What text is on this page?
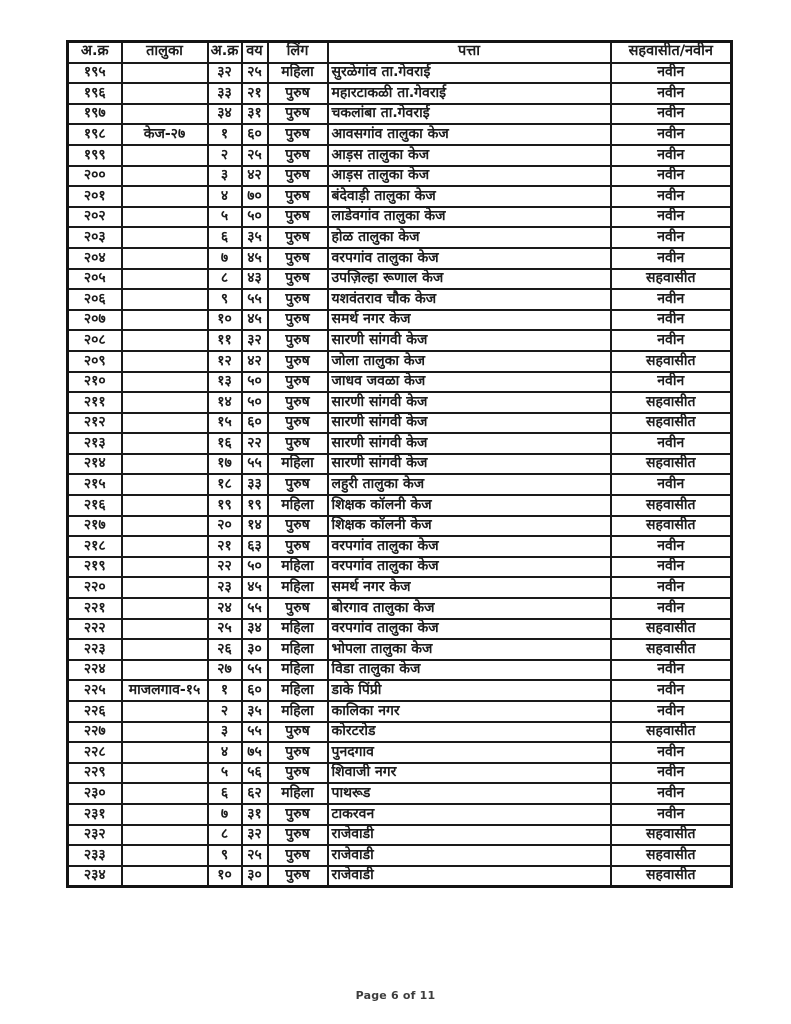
अ.क्र	तालुका	अ.क्र	वय	लिंग	पत्ता	सहवासीत/नवीन
१९५		३२	२५	महिला	सुरळेगांव ता.गेवराई	नवीन
१९६		३३	२१	पुरुष	महारटाकळी ता.गेवराई	नवीन
१९७		३४	३१	पुरुष	चकलांबा ता.गेवराई	नवीन
१९८	केज-२७	१	६०	पुरुष	आवसगांव तालुका केज	नवीन
१९९		२	२५	पुरुष	आड़स तालुका केज	नवीन
२००		३	४२	पुरुष	आड़स तालुका केज	नवीन
२०१		४	७०	पुरुष	बंदेवाड़ी तालुका केज	नवीन
२०२		५	५०	पुरुष	लाडेवगांव तालुका केज	नवीन
२०३		६	३५	पुरुष	होळ तालुका केज	नवीन
२०४		७	४५	पुरुष	वरपगांव तालुका केज	नवीन
२०५		८	४३	पुरुष	उपज़िल्हा रूणाल केज	सहवासीत
२०६		९	५५	पुरुष	यशवंतराव चौक केज	नवीन
२०७		१०	४५	पुरुष	समर्थ नगर केज	नवीन
२०८		११	३२	पुरुष	सारणी सांगवी केज	नवीन
२०९		१२	४२	पुरुष	जोला तालुका केज	सहवासीत
२१०		१३	५०	पुरुष	जाधव जवळा केज	नवीन
२११		१४	५०	पुरुष	सारणी सांगवी केज	सहवासीत
२१२		१५	६०	पुरुष	सारणी सांगवी केज	सहवासीत
२१३		१६	२२	पुरुष	सारणी सांगवी केज	नवीन
२१४		१७	५५	महिला	सारणी सांगवी केज	सहवासीत
२१५		१८	३३	पुरुष	लहुरी तालुका केज	नवीन
२१६		१९	१९	महिला	शिक्षक कॉलनी केज	सहवासीत
२१७		२०	१४	पुरुष	शिक्षक कॉलनी केज	सहवासीत
२१८		२१	६३	पुरुष	वरपगांव तालुका केज	नवीन
२१९		२२	५०	महिला	वरपगांव तालुका केज	नवीन
२२०		२३	४५	महिला	समर्थ नगर केज	नवीन
२२१		२४	५५	पुरुष	बोरगाव तालुका केज	नवीन
२२२		२५	३४	महिला	वरपगांव तालुका केज	सहवासीत
२२३		२६	३०	महिला	भोपला तालुका केज	सहवासीत
२२४		२७	५५	महिला	विडा तालुका केज	नवीन
२२५	माजलगाव-१५	१	६०	महिला	डाके पिंप्री	नवीन
२२६		२	३५	महिला	कालिका नगर	नवीन
२२७		३	५५	पुरुष	कोरटरोड	सहवासीत
२२८		४	७५	पुरुष	पुनदगाव	नवीन
२२९		५	५६	पुरुष	शिवाजी नगर	नवीन
२३०		६	६२	महिला	पाथरूड	नवीन
२३१		७	३१	पुरुष	टाकरवन	नवीन
२३२		८	३२	पुरुष	राजेवाडी	सहवासीत
२३३		९	२५	पुरुष	राजेवाडी	सहवासीत
२३४		१०	३०	पुरुष	राजेवाडी	सहवासीत
Page 6 of 11
